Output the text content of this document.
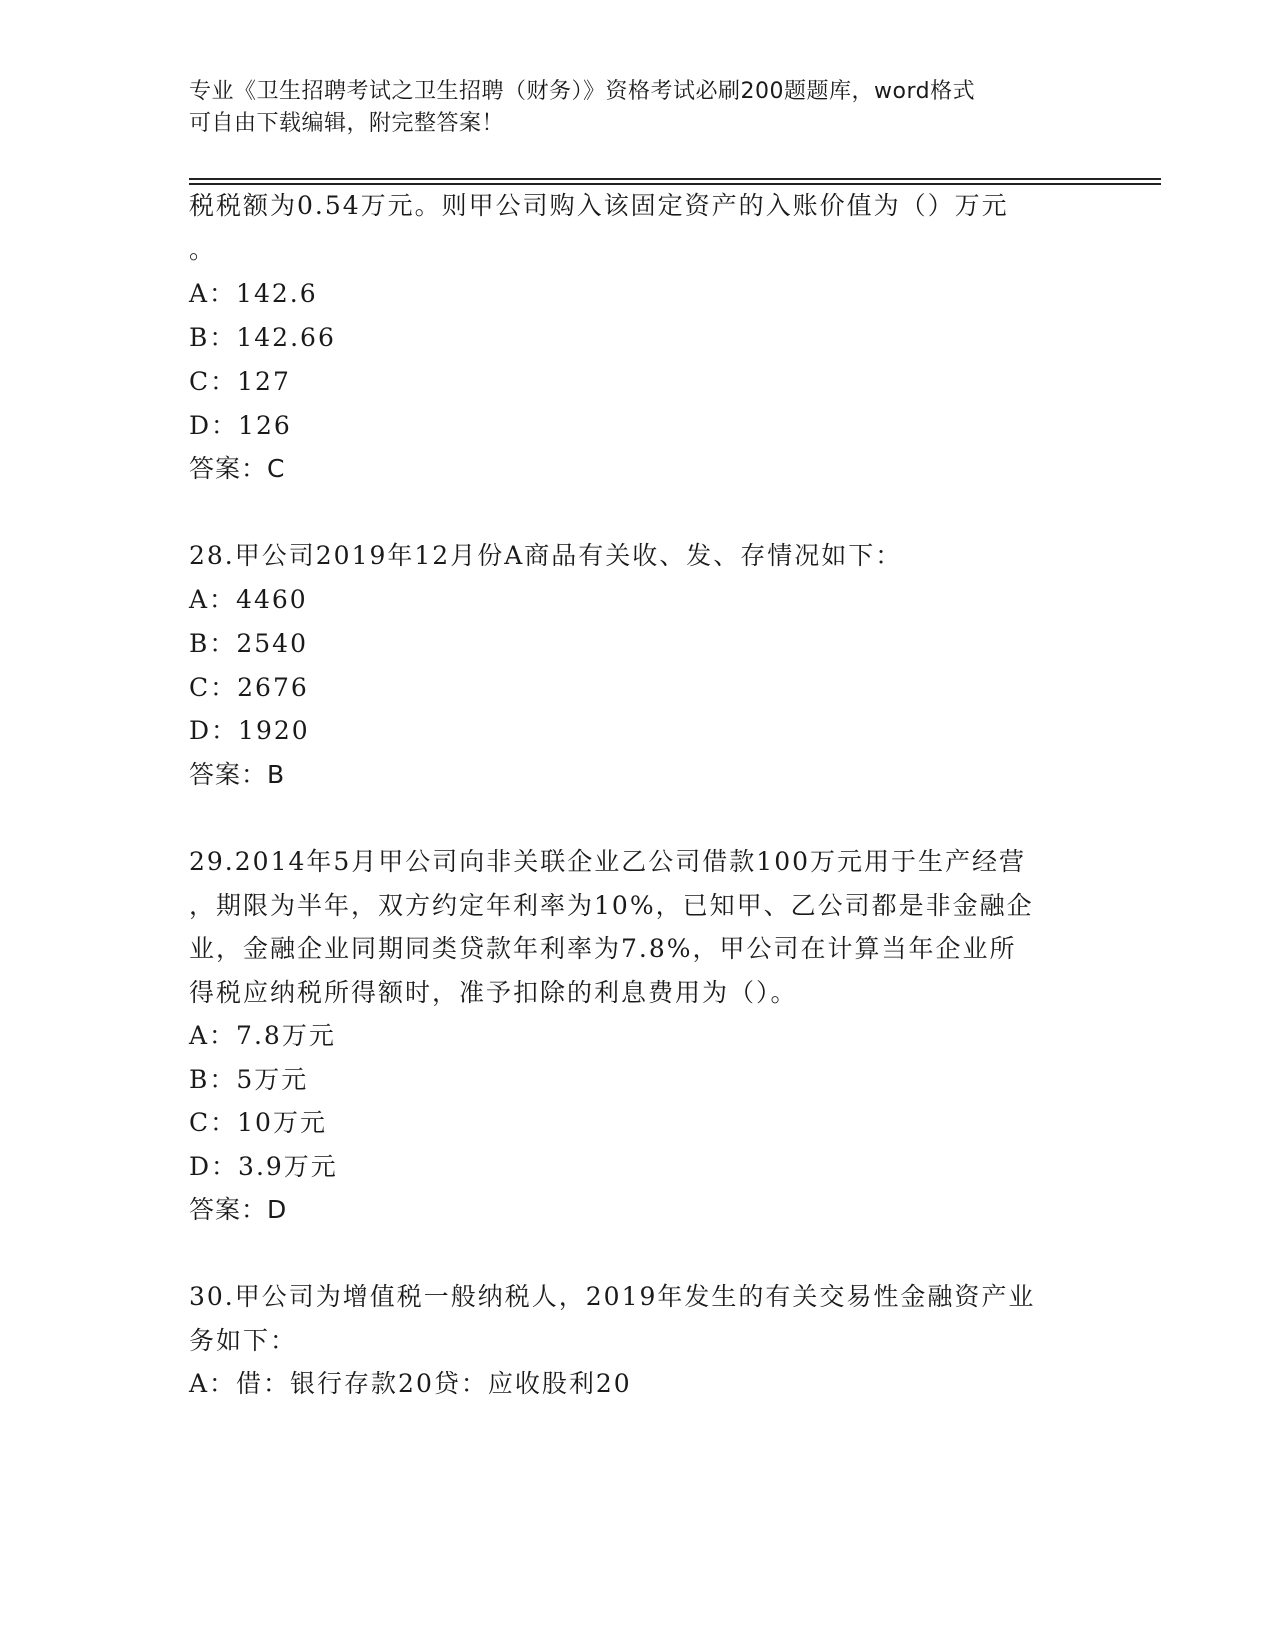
专业《卫生招聘考试之卫生招聘（财务）》资格考试必刷200题题库，word格式
可自由下载编辑，附完整答案！
税税额为0.54万元。则甲公司购入该固定资产的入账价值为（）万元
。
A：142.6
B：142.66
C：127
D：126
答案：C
28.甲公司2019年12月份A商品有关收、发、存情况如下：
A：4460
B：2540
C：2676
D：1920
答案：B
29.2014年5月甲公司向非关联企业乙公司借款100万元用于生产经营
，期限为半年，双方约定年利率为10%，已知甲、乙公司都是非金融企
业，金融企业同期同类贷款年利率为7.8%，甲公司在计算当年企业所
得税应纳税所得额时，准予扣除的利息费用为（）。
A：7.8万元
B：5万元
C：10万元
D：3.9万元
答案：D
30.甲公司为增值税一般纳税人，2019年发生的有关交易性金融资产业
务如下：
A：借：银行存款20贷：应收股利20
